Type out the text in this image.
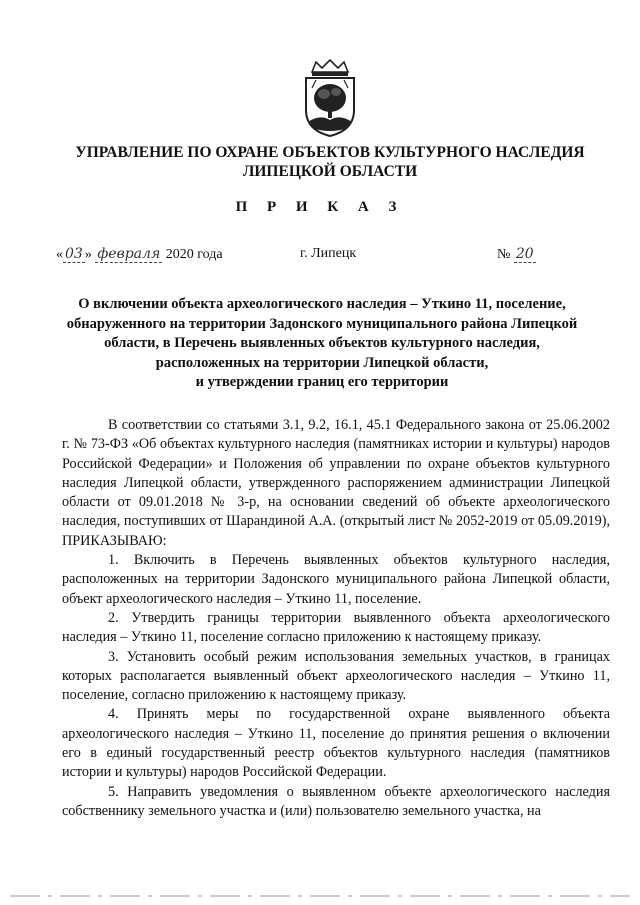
УПРАВЛЕНИЕ ПО ОХРАНЕ ОБЪЕКТОВ КУЛЬТУРНОГО НАСЛЕДИЯ
ЛИПЕЦКОЙ ОБЛАСТИ
П Р И К А З
« 03 » февраля 2020 года	г. Липецк	№ 20
О включении объекта археологического наследия – Уткино 11, поселение,
обнаруженного на территории Задонского муниципального района Липецкой
области, в Перечень выявленных объектов культурного наследия,
расположенных на территории Липецкой области,
и утверждении границ его территории

В соответствии со статьями 3.1, 9.2, 16.1, 45.1 Федерального закона от 25.06.2002 г. № 73-ФЗ «Об объектах культурного наследия (памятниках истории и культуры) народов Российской Федерации» и Положения об управлении по охране объектов культурного наследия Липецкой области, утвержденного распоряжением администрации Липецкой области от 09.01.2018 № 3-р, на основании сведений об объекте археологического наследия, поступивших от Шарандиной А.А. (открытый лист № 2052-2019 от 05.09.2019), ПРИКАЗЫВАЮ:

1. Включить в Перечень выявленных объектов культурного наследия, расположенных на территории Задонского муниципального района Липецкой области, объект археологического наследия – Уткино 11, поселение.

2. Утвердить границы территории выявленного объекта археологического наследия – Уткино 11, поселение согласно приложению к настоящему приказу.

3. Установить особый режим использования земельных участков, в границах которых располагается выявленный объект археологического наследия – Уткино 11, поселение, согласно приложению к настоящему приказу.

4. Принять меры по государственной охране выявленного объекта археологического наследия – Уткино 11, поселение до принятия решения о включении его в единый государственный реестр объектов культурного наследия (памятников истории и культуры) народов Российской Федерации.

5. Направить уведомления о выявленном объекте археологического наследия собственнику земельного участка и (или) пользователю земельного участка, на
